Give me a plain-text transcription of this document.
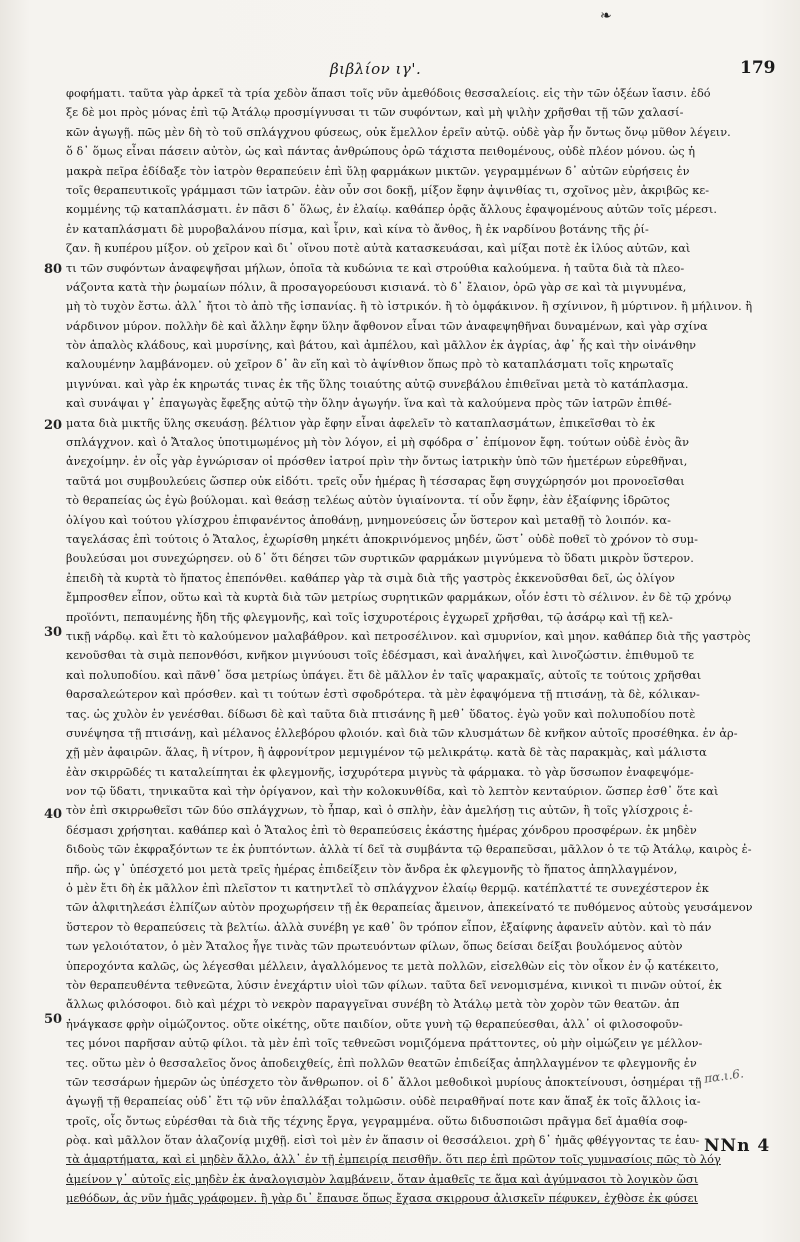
❧
βιβλίον ιγ'.	179
80
20
30
40
50
φοφήματι. ταῦτα γὰρ ἀρκεῖ τὰ τρία χεδὸν ἅπασι τοῖς νῦν ἀμεθόδοις θεσσαλείοις. εἰς τὴν τῶν ὀξέων ἴασιν. ἐδό
ξε δὲ μοι πρὸς μόνας ἐπὶ τῷ Ἀτάλῳ προσμίγνυσαι τι τῶν συφόντων, καὶ μὴ ψιλὴν χρῆσθαι τῇ τῶν χαλασί-
κῶν ἀγωγῇ. πῶς μὲν δὴ τὸ τοῦ σπλάγχνου φύσεως, οὐκ ἔμελλον ἐρεῖν αὐτῷ. οὐδὲ γὰρ ἦν ὄντως ὄνῳ μῦθον λέγειν.
ὅ δ᾽ ὅμως εἶναι πάσειν αὐτὸν, ὡς καὶ πάντας ἀνθρώπους ὀρῶ τάχιστα πειθομένους, οὐδὲ πλέον μόνου. ὡς ἡ
μακρὰ πεῖρα ἐδίδαξε τὸν ἰατρὸν θεραπεύειν ἐπὶ ὕλῃ φαρμάκων μικτῶν. γεγραμμένων δ᾽ αὐτῶν εὑρήσεις ἐν
τοῖς θεραπευτικοῖς γράμμασι τῶν ἰατρῶν. ἐὰν οὖν σοι δοκῇ, μίξον ἔφην ἀψινθίας τι, σχοῖνος μὲν, ἀκριβῶς κε-
κομμένης τῷ καταπλάσματι. ἐν πᾶσι δ᾽ ὅλως, ἐν ἐλαίῳ. καθάπερ ὁρᾷς ἄλλους ἐφαψομένους αὐτῶν τοῖς μέρεσι.
ἐν καταπλάσματι δὲ μυροβαλάνου πίσμα, καὶ ἶριν, καὶ κίνα τὸ ἄνθος, ἢ ἐκ ναρδίνου βοτάνης τῆς ῥί-
ζαν. ἢ κυπέρου μίξον. οὐ χεῖρον καὶ δι᾽ οἴνου ποτὲ αὐτὰ κατασκευάσαι, καὶ μίξαι ποτὲ ἐκ ἰλύος αὐτῶν, καὶ
τι τῶν συφόντων ἀναφεψῆσαι μήλων, ὁποῖα τὰ κυδώνια τε καὶ στρούθια καλούμενα. ἡ ταῦτα διὰ τὰ πλεο-
νάζοντα κατὰ τὴν ῥωμαίων πόλιν, ἃ προσαγορεύουσι κισιανά. τὸ δ᾽ ἔλαιον, ὀρῶ γὰρ σε καὶ τὰ μιγνυμένα,
μὴ τὸ τυχὸν ἔστω. ἀλλ᾽ ἤτοι τὸ ἀπὸ τῆς ἰσπανίας. ἢ τὸ ἰστρικόν. ἢ τὸ ὀμφάκινον. ἢ σχίνινον, ἢ μύρτινον. ἢ μήλινον. ἢ
νάρδινον μύρον. πολλὴν δὲ καὶ ἄλλην ἔφην ὕλην ἄφθονον εἶναι τῶν ἀναφεψηθῆναι δυναμένων, καὶ γὰρ σχίνα
τὸν ἁπαλὸς κλάδους, καὶ μυρσίνης, καὶ βάτου, καὶ ἀμπέλου, καὶ μᾶλλον ἐκ ἀγρίας, ἀφ᾽ ἧς καὶ τὴν οἰνάνθην
καλουμένην λαμβάνομεν. οὐ χεῖρον δ᾽ ἂν εἴη καὶ τὸ ἀψίνθιον ὅπως πρὸ τὸ καταπλάσματι τοῖς κηρωταῖς
μιγνύναι. καὶ γὰρ ἐκ κηρωτάς τινας ἐκ τῆς ὕλης τοιαύτης αὐτῷ συνεβάλου ἐπιθεῖναι μετὰ τὸ κατάπλασμα.
καὶ συνάψαι γ᾽ ἐπαγωγὰς ἔφεξης αὐτῷ τὴν ὅλην ἀγωγήν. ἵνα καὶ τὰ καλούμενα πρὸς τῶν ἰατρῶν ἐπιθέ-
ματα διὰ μικτῆς ὕλης σκευάσῃ. βέλτιον γὰρ ἔφην εἶναι ἀφελεῖν τὸ καταπλασμάτων, ἐπικεῖσθαι τὸ ἐκ
σπλάγχνον. καὶ ὁ Ἄταλος ὑποτιμωμένος μὴ τὸν λόγον, εἰ μὴ σφόδρα σ᾽ ἐπίμονον ἔφη. τούτων οὐδὲ ἐνὸς ἂν
ἀνεχοίμην. ἐν οἷς γὰρ ἐγνώρισαν οἱ πρόσθεν ἰατροί πρὶν τὴν ὄντως ἰατρικὴν ὑπὸ τῶν ἡμετέρων εὑρεθῆναι,
ταῦτά μοι συμβουλεύεις ὥσπερ οὐκ εἰδότι. τρεῖς οὖν ἡμέρας ἢ τέσσαρας ἔφη συγχώρησόν μοι προνοεῖσθαι
τὸ θεραπείας ὡς ἐγὼ βούλομαι. καὶ θεάσῃ τελέως αὐτὸν ὑγιαίνοντα. τί οὖν ἔφην, ἐὰν ἐξαίφνης ἱδρῶτος
ὀλίγου καὶ τούτου γλίσχρου ἐπιφανέντος ἀποθάνῃ, μνημονεύσεις ὧν ὕστερον καὶ μεταθῇ τὸ λοιπόν. κα-
ταγελάσας ἐπὶ τούτοις ὁ Ἄταλος, ἐχωρίσθη μηκέτι ἀποκρινόμενος μηδέν, ὥστ᾽ οὐδὲ ποθεῖ τὸ χρόνον τὸ συμ-
βουλεύσαι μοι συνεχώρησεν. οὐ δ᾽ ὅτι δέησει τῶν συρτικῶν φαρμάκων μιγνύμενα τὸ ὕδατι μικρὸν ὕστερον.
ἐπειδὴ τὰ κυρτὰ τὸ ἥπατος ἐπεπόνθει. καθάπερ γὰρ τὰ σιμὰ διὰ τῆς γαστρὸς ἐκκενοῦσθαι δεῖ, ὡς ὀλίγον
ἔμπροσθεν εἶπον, οὕτω καὶ τὰ κυρτὰ διὰ τῶν μετρίως συρητικῶν φαρμάκων, οἷόν ἐστι τὸ σέλινον. ἐν δὲ τῷ χρόνῳ
προϊόντι, πεπαυμένης ἤδη τῆς φλεγμονῆς, καὶ τοῖς ἰσχυροτέροις ἐγχωρεῖ χρῆσθαι, τῷ ἀσάρῳ καὶ τῇ κελ-
τικῇ νάρδῳ. καὶ ἔτι τὸ καλούμενον μαλαβάθρον. καὶ πετροσέλινον. καὶ σμυρνίον, καὶ μηον. καθάπερ διὰ τῆς γαστρὸς
κενοῦσθαι τὰ σιμὰ πεπονθόσι, κνῆκον μιγνύουσι τοῖς ἐδέσμασι, καὶ ἀναλήψει, καὶ λινοζώστιν. ἐπιθυμοῦ τε
καὶ πολυποδίου. καὶ πᾶνθ᾽ ὅσα μετρίως ὑπάγει. ἔτι δὲ μᾶλλον ἐν ταῖς ψαρακμαῖς, αὐτοῖς τε τούτοις χρῆσθαι
θαρσαλεώτερον καὶ πρόσθεν. καὶ τι τούτων ἐστὶ σφοδρότερα. τὰ μὲν ἐφαψόμενα τῇ πτισάνῃ, τὰ δὲ, κόλικαν-
τας. ὡς χυλὸν ἐν γενέσθαι. δίδωσι δὲ καὶ ταῦτα διὰ πτισάνης ἢ μεθ᾽ ὕδατος. ἐγὼ γοῦν καὶ πολυποδίου ποτὲ
συνέψησα τῇ πτισάνῃ, καὶ μέλανος ἐλλεβόρου φλοιόν. καὶ διὰ τῶν κλυσμάτων δὲ κνῆκον αὐτοῖς προσέθηκα. ἐν ἀρ-
χῇ μὲν ἀφαιρῶν. ἅλας, ἢ νίτρον, ἢ ἀφρονίτρον μεμιγμένον τῷ μελικράτῳ. κατὰ δὲ τὰς παρακμὰς, καὶ μάλιστα
ἐὰν σκιρρῶδές τι καταλείπηται ἐκ φλεγμονῆς, ἰσχυρότερα μιγνὺς τὰ φάρμακα. τὸ γὰρ ὕσσωπον ἐναφεψόμε-
νον τῷ ὕδατι, τηνικαῦτα καὶ τὴν ὀρίγανον, καὶ τὴν κολοκυνθίδα, καὶ τὸ λεπτὸν κενταύριον. ὥσπερ ἐσθ᾽ ὅτε καὶ
τὸν ἐπὶ σκιρρωθεῖσι τῶν δύο σπλάγχνων, τὸ ἧπαρ, καὶ ὁ σπλὴν, ἐὰν ἀμελήσῃ τις αὐτῶν, ἢ τοῖς γλίσχροις ἐ-
δέσμασι χρήσηται. καθάπερ καὶ ὁ Ἄταλος ἐπὶ τὸ θεραπεύσεις ἑκάστης ἡμέρας χόνδρου προσφέρων. ἐκ μηδὲν
διδοὺς τῶν ἐκφραξόντων τε ἐκ ῥυπτόντων. ἀλλὰ τί δεῖ τὰ συμβάντα τῷ θεραπεῦσαι, μᾶλλον ὁ τε τῷ Ἀτάλῳ, καιρὸς ἐ-
πῆρ. ὡς γ᾽ ὑπέσχετό μοι μετὰ τρεῖς ἡμέρας ἐπιδείξειν τὸν ἄνδρα ἐκ φλεγμονῆς τὸ ἥπατος ἀπηλλαγμένον,
ὁ μὲν ἔτι δὴ ἐκ μᾶλλον ἐπὶ πλεῖστον τι κατηντλεῖ τὸ σπλάγχνον ἐλαίῳ θερμῷ. κατέπλαττέ τε συνεχέστερον ἐκ
τῶν ἀλφιτηλεάσι ἐλπίζων αὐτὸν προχωρήσειν τῇ ἐκ θεραπείας ἄμεινον, ἀπεκείνατό τε πυθόμενος αὐτοὺς γευσάμενον
ὕστερον τὸ θεραπεύσεις τὰ βελτίω. ἀλλὰ συνέβη γε καθ᾽ ὃν τρόπον εἶπον, ἐξαίφνης ἀφανεῖν αὐτὸν. καὶ τὸ πάν
των γελοιότατον, ὁ μὲν Ἄταλος ἦγε τινὰς τῶν πρωτευόντων φίλων, ὅπως δείσαι δείξαι βουλόμενος αὐτὸν
ὑπεροχόντα καλῶς, ὡς λέγεσθαι μέλλειν, ἀγαλλόμενος τε μετὰ πολλῶν, εἰσελθὼν εἰς τὸν οἶκον ἐν ᾧ κατέκειτο,
τὸν θεραπευθέντα τεθνεῶτα, λύσιν ἐνεχάρτιν υἱοὶ τῶν φίλων. ταῦτα δεῖ νενομισμένα, κινικοὶ τι πινῶν οὐτοί, ἐκ
ἄλλως φιλόσοφοι. διὸ καὶ μέχρι τὸ νεκρὸν παραγγεῖναι συνέβη τὸ Ἀτάλῳ μετὰ τὸν χορὸν τῶν θεατῶν. ἀπ
ἠνάγκασε φρὴν οἰμώζοντος. οὔτε οἰκέτης, οὔτε παιδίον, οὔτε γυνὴ τῷ θεραπεύεσθαι, ἀλλ᾽ οἱ φιλοσοφοῦν-
τες μόνοι παρῆσαν αὐτῷ φίλοι. τὰ μὲν ἐπὶ τοῖς τεθνεῶσι νομιζόμενα πράττοντες, οὐ μὴν οἰμώζειν γε μέλλον-
τες. οὕτω μὲν ὁ θεσσαλεῖος ὄνος ἀποδειχθείς, ἐπὶ πολλῶν θεατῶν ἐπιδείξας ἀπηλλαγμένον τε φλεγμονῆς ἐν
τῶν τεσσάρων ἡμερῶν ὡς ὑπέσχετο τὸν ἄνθρωπον. οἱ δ᾽ ἄλλοι μεθοδικοὶ μυρίους ἀποκτείνουσι, ὁσημέραι τῇ
ἀγωγῇ τῇ θεραπείας οὐδ᾽ ἔτι τῷ νῦν ἐπαλλάξαι τολμῶσιν. οὐδὲ πειραθῆναί ποτε καν ἅπαξ ἐκ τοῖς ἄλλοις ἰα-
τροῖς, οἷς ὄντως εὑρέσθαι τὰ διὰ τῆς τέχνης ἔργα, γεγραμμένα. οὕτω διδυσποιῶσι πρᾶγμα δεῖ ἀμαθία σοφ-
ρὸᾳ. καὶ μᾶλλον ὅταν ἀλαζονίᾳ μιχθῇ. εἰσὶ τοὶ μὲν ἐν ἅπασιν οἱ θεσσάλειοι. χρὴ δ᾽ ἡμᾶς φθέγγοντας τε ἑαυ-
τὰ ἁμαρτήματα, καὶ εἰ μηδὲν ἄλλο, ἀλλ᾽ ἐν τῇ ἐμπειρίᾳ πεισθῆν. ὅτι περ ἐπὶ πρῶτον τοῖς γυμνασίοις πῶς τὸ λόγ
ἀμείνον γ᾽ αὐτοῖς εἰς μηδὲν ἐκ ἀναλογισμὸν λαμβάνειν, ὅταν ἀμαθεῖς τε ἅμα καὶ ἀγύμνασοι τὸ λογικὸν ὥσι
μεθόδων, ἀς νῦν ἡμᾶς γράφομεν. ἢ γὰρ δι᾽ ἔπαυσε ὅπως ἔχασα σκιρρουσ ἀλισκεῖν πέφυκεν, ἐχθὸσε ἐκ φύσει
πα.ι.6.
NNn 4
